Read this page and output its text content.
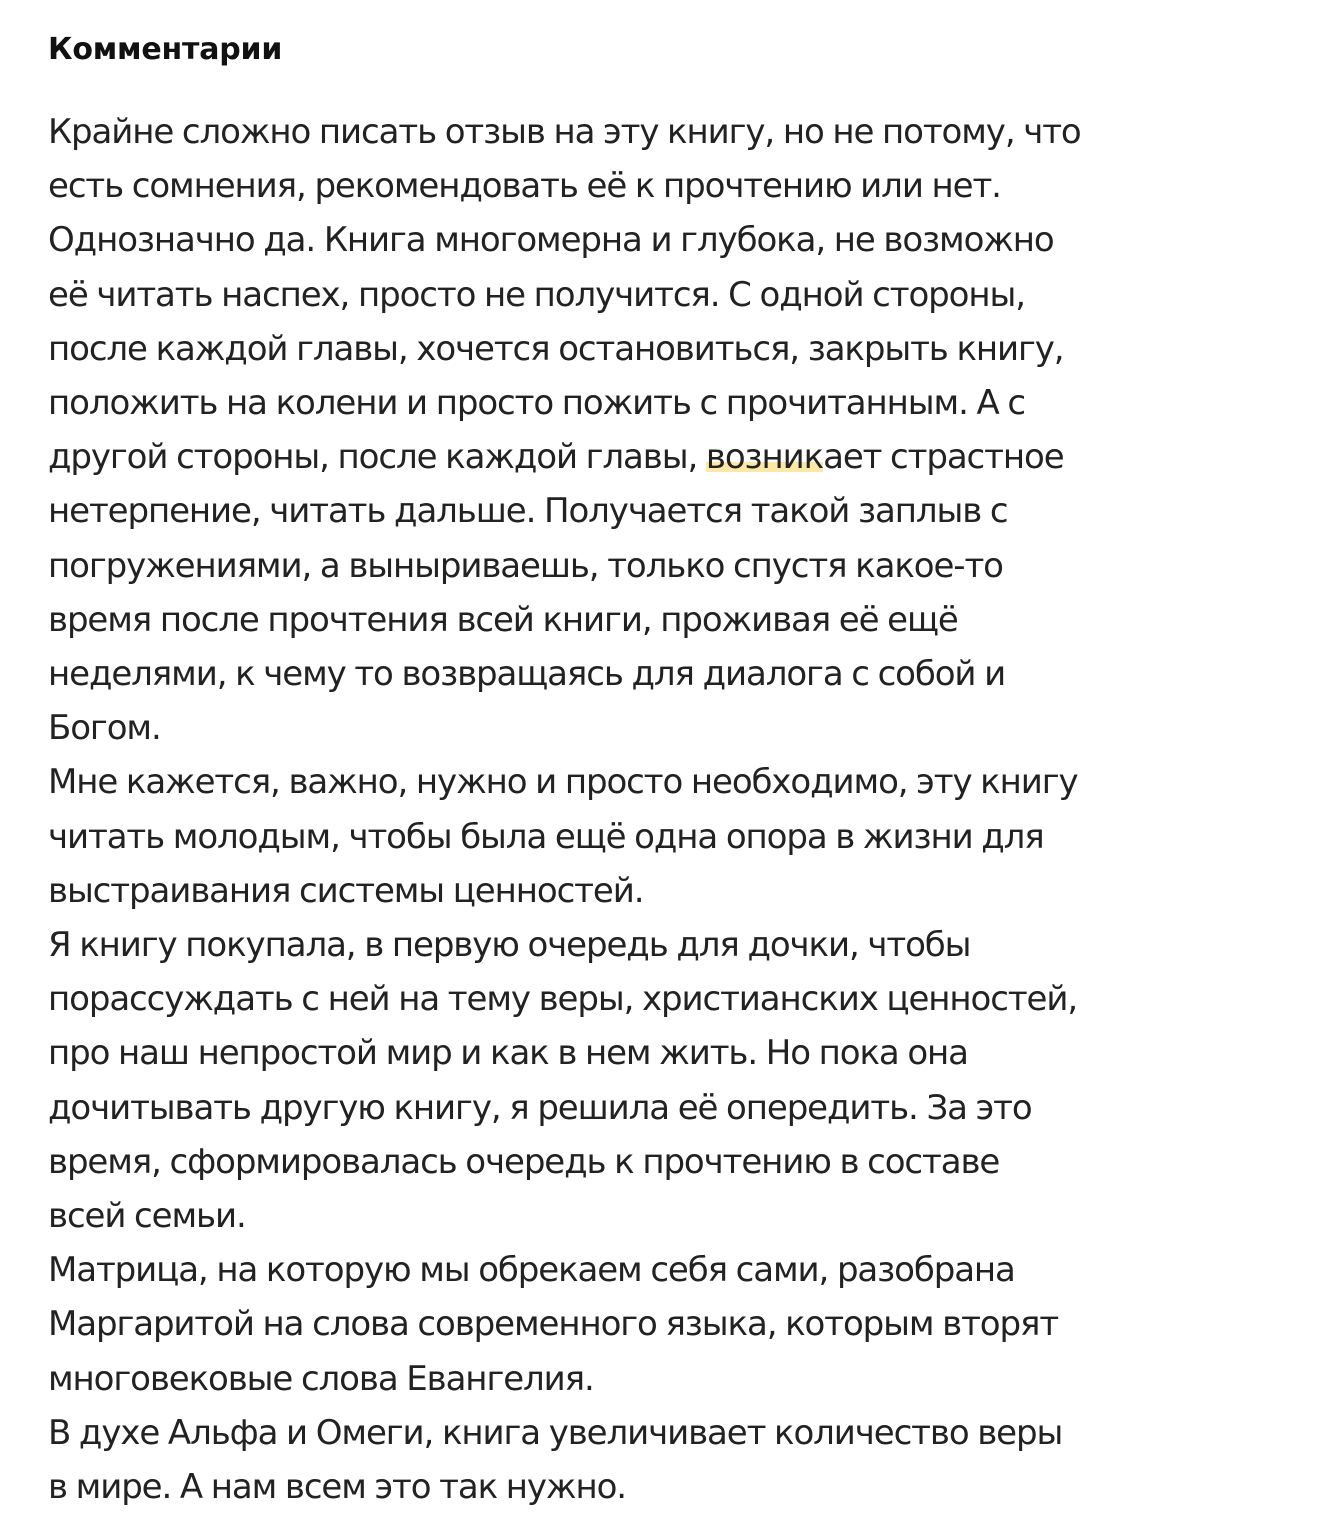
Комментарии

Крайне сложно писать отзыв на эту книгу, но не потому, что
есть сомнения, рекомендовать её к прочтению или нет.
Однозначно да. Книга многомерна и глубока, не возможно
её читать наспех, просто не получится. С одной стороны,
после каждой главы, хочется остановиться, закрыть книгу,
положить на колени и просто пожить с прочитанным. А с
другой стороны, после каждой главы, возникает страстное
нетерпение, читать дальше. Получается такой заплыв с
погружениями, а выныриваешь, только спустя какое-то
время после прочтения всей книги, проживая её ещё
неделями, к чему то возвращаясь для диалога с собой и
Богом.

Мне кажется, важно, нужно и просто необходимо, эту книгу
читать молодым, чтобы была ещё одна опора в жизни для
выстраивания системы ценностей.

Я книгу покупала, в первую очередь для дочки, чтобы
порассуждать с ней на тему веры, христианских ценностей,
про наш непростой мир и как в нем жить. Но пока она
дочитывать другую книгу, я решила её опередить. За это
время, сформировалась очередь к прочтению в составе
всей семьи.

Матрица, на которую мы обрекаем себя сами, разобрана
Маргаритой на слова современного языка, которым вторят
многовековые слова Евангелия.

В духе Альфа и Омеги, книга увеличивает количество веры
в мире. А нам всем это так нужно.
